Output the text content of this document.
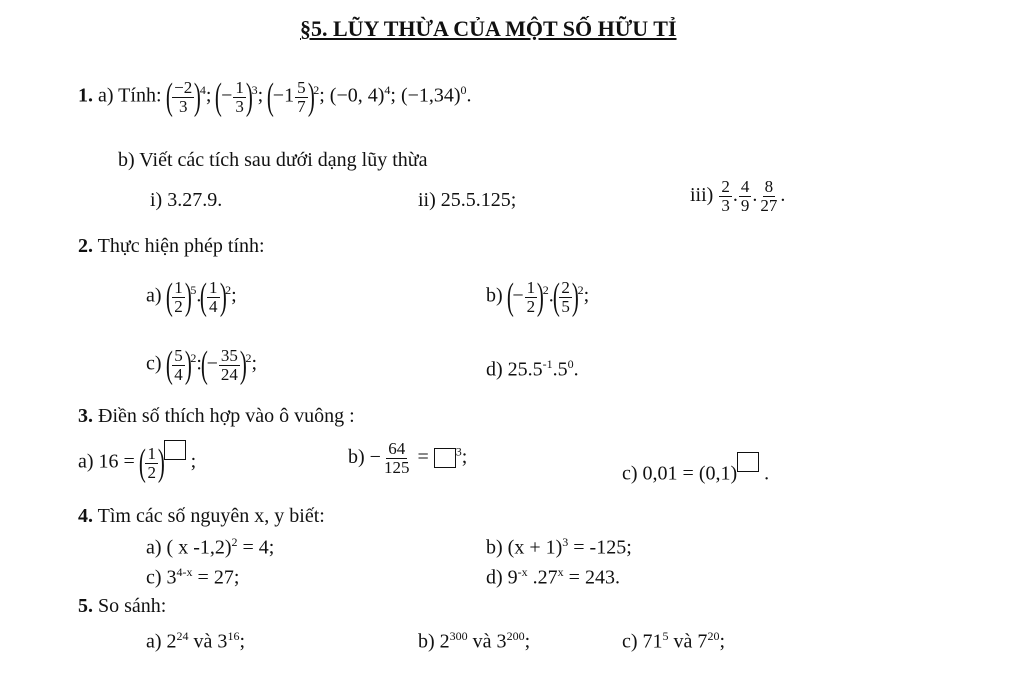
§5. LŨY THỪA CỦA MỘT SỐ HỮU TỈ
1. a) Tính: ( $\frac{-2}{3} )^4$; (− $\frac{1}{3} )^3$; $(-1 \frac{5}{7} )^2$; (−0, 4)$^4$; $(-1,34)^0$.
b) Viết các tích sau dưới dạng lũy thừa
i) 3.27.9.	ii) 25.5.125;	$iii) \frac{2}{3}$ . $\frac{4}{9}$ . $\frac{8}{27}$ .
2. Thực hiện phép tính:
a) ( $\frac{1}{2} )^5.( \frac{1}{4} )^2$;	b) (− $\frac{1}{2} )^2.( \frac{2}{5} )^2$;
c) ( $\frac{5}{4}$ )$^2$:(− $\frac{35}{24} )^2$;	d) $25.5^{-1}.5^0$.
3. Điền số thích hợp vào ô vuông :
a) 16 = ( $\frac{1}{2}$ ) ;	$b) - \frac{64}{125} = ^3$;
c) 0,01 = (0,1) .
4. Tìm các số nguyên x, y biết:
a) ( x -1,2)$^2$ = 4;	b) $(x + 1)^3 = -125$;
c) $3^{4-x} = 27$;	d) $9^{-x}$ $.27^x = 243$.
5. So sánh:
a) $2^{24}$ và $3^{16}$;	b) $2^{300}$ và $3^{200}$;	c) $71^5$ và $7^{20}$;
